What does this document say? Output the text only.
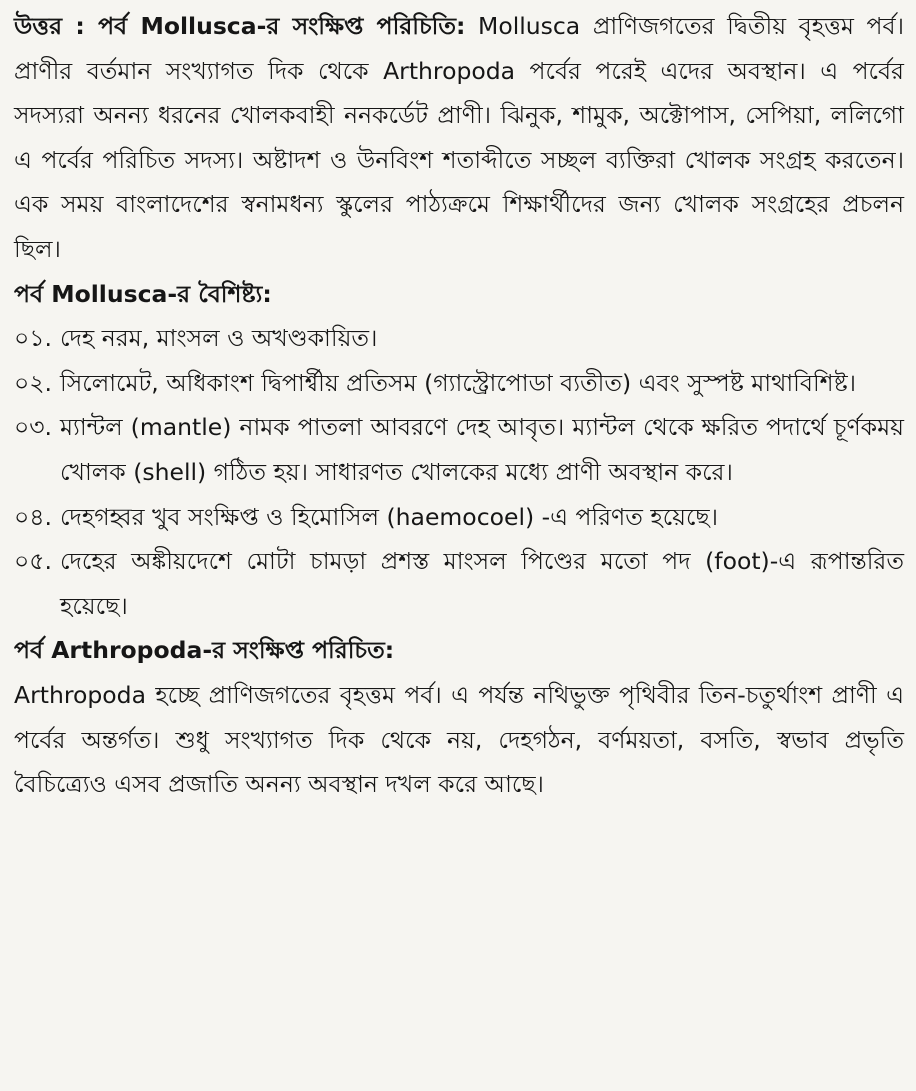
উত্তর : পর্ব Mollusca-র সংক্ষিপ্ত পরিচিতি: Mollusca প্রাণিজগতের দ্বিতীয় বৃহত্তম পর্ব। প্রাণীর বর্তমান সংখ্যাগত দিক থেকে Arthropoda পর্বের পরেই এদের অবস্থান। এ পর্বের সদস্যরা অনন্য ধরনের খোলকবাহী ননকর্ডেট প্রাণী। ঝিনুক, শামুক, অক্টোপাস, সেপিয়া, ললিগো এ পর্বের পরিচিত সদস্য। অষ্টাদশ ও উনবিংশ শতাব্দীতে সচ্ছল ব্যক্তিরা খোলক সংগ্রহ করতেন। এক সময় বাংলাদেশের স্বনামধন্য স্কুলের পাঠ্যক্রমে শিক্ষার্থীদের জন্য খোলক সংগ্রহের প্রচলন ছিল।

পর্ব Mollusca-র বৈশিষ্ট্য:

০১. দেহ নরম, মাংসল ও অখণ্ডকায়িত।
০২. সিলোমেট, অধিকাংশ দ্বিপার্শ্বীয় প্রতিসম (গ্যাস্ট্রোপোডা ব্যতীত) এবং সুস্পষ্ট মাথাবিশিষ্ট।
০৩. ম্যান্টল (mantle) নামক পাতলা আবরণে দেহ আবৃত। ম্যান্টল থেকে ক্ষরিত পদার্থে চূর্ণকময় খোলক (shell) গঠিত হয়। সাধারণত খোলকের মধ্যে প্রাণী অবস্থান করে।
০৪. দেহগহ্বর খুব সংক্ষিপ্ত ও হিমোসিল (haemocoel) -এ পরিণত হয়েছে।
০৫. দেহের অঙ্কীয়দেশে মোটা চামড়া প্রশস্ত মাংসল পিণ্ডের মতো পদ (foot)-এ রূপান্তরিত হয়েছে।

পর্ব Arthropoda-র সংক্ষিপ্ত পরিচিত:

Arthropoda হচ্ছে প্রাণিজগতের বৃহত্তম পর্ব। এ পর্যন্ত নথিভুক্ত পৃথিবীর তিন-চতুর্থাংশ প্রাণী এ পর্বের অন্তর্গত। শুধু সংখ্যাগত দিক থেকে নয়, দেহগঠন, বর্ণময়তা, বসতি, স্বভাব প্রভৃতি বৈচিত্র্যেও এসব প্রজাতি অনন্য অবস্থান দখল করে আছে।
